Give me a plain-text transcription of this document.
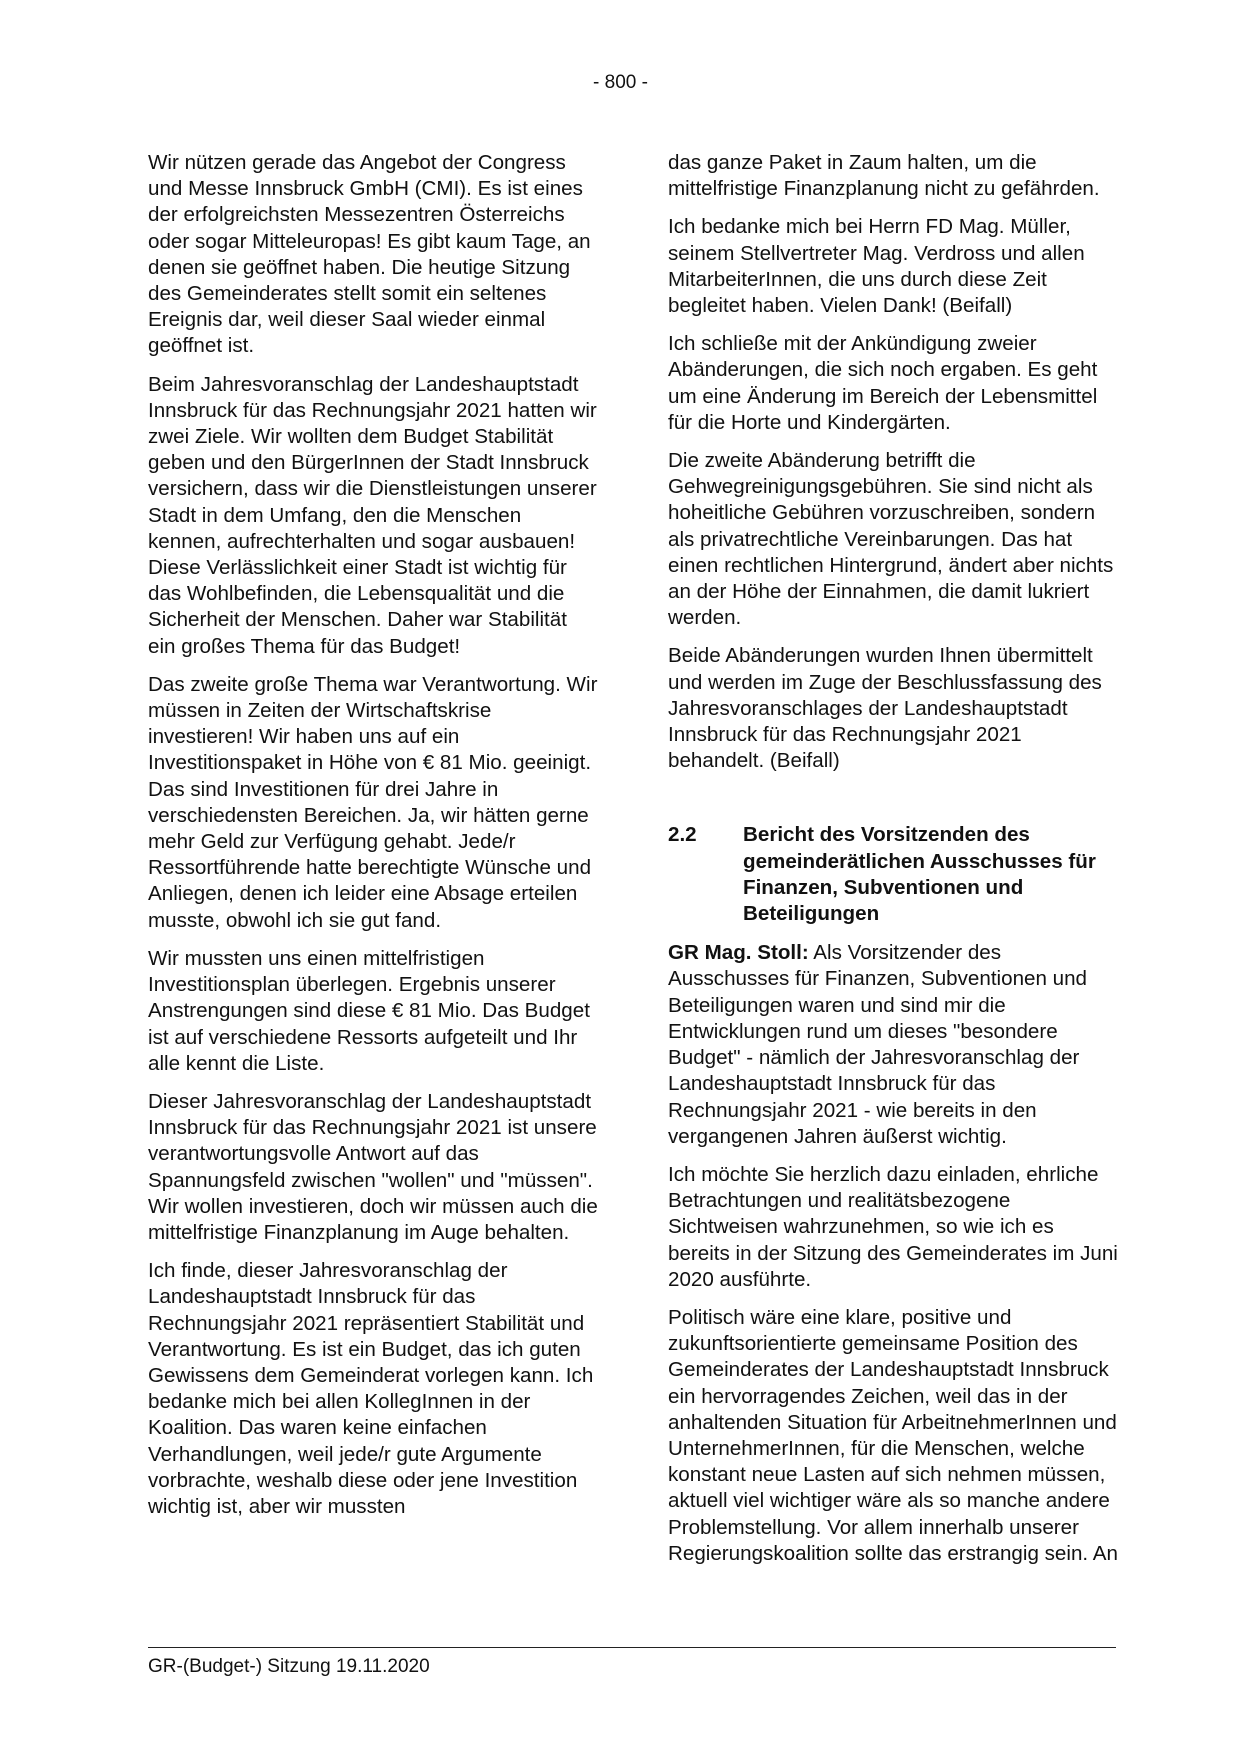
- 800 -

Wir nützen gerade das Angebot der Congress und Messe Innsbruck GmbH (CMI). Es ist eines der erfolgreichsten Messezentren Österreichs oder sogar Mitteleuropas! Es gibt kaum Tage, an denen sie geöffnet haben. Die heutige Sitzung des Gemeinderates stellt somit ein seltenes Ereignis dar, weil dieser Saal wieder einmal geöffnet ist.

Beim Jahresvoranschlag der Landeshauptstadt Innsbruck für das Rechnungsjahr 2021 hatten wir zwei Ziele. Wir wollten dem Budget Stabilität geben und den BürgerInnen der Stadt Innsbruck versichern, dass wir die Dienstleistungen unserer Stadt in dem Umfang, den die Menschen kennen, aufrechterhalten und sogar ausbauen! Diese Verlässlichkeit einer Stadt ist wichtig für das Wohlbefinden, die Lebensqualität und die Sicherheit der Menschen. Daher war Stabilität ein großes Thema für das Budget!

Das zweite große Thema war Verantwortung. Wir müssen in Zeiten der Wirtschaftskrise investieren! Wir haben uns auf ein Investitionspaket in Höhe von € 81 Mio. geeinigt. Das sind Investitionen für drei Jahre in verschiedensten Bereichen. Ja, wir hätten gerne mehr Geld zur Verfügung gehabt. Jede/r Ressortführende hatte berechtigte Wünsche und Anliegen, denen ich leider eine Absage erteilen musste, obwohl ich sie gut fand.

Wir mussten uns einen mittelfristigen Investitionsplan überlegen. Ergebnis unserer Anstrengungen sind diese € 81 Mio. Das Budget ist auf verschiedene Ressorts aufgeteilt und Ihr alle kennt die Liste.

Dieser Jahresvoranschlag der Landeshauptstadt Innsbruck für das Rechnungsjahr 2021 ist unsere verantwortungsvolle Antwort auf das Spannungsfeld zwischen "wollen" und "müssen". Wir wollen investieren, doch wir müssen auch die mittelfristige Finanzplanung im Auge behalten.

Ich finde, dieser Jahresvoranschlag der Landeshauptstadt Innsbruck für das Rechnungsjahr 2021 repräsentiert Stabilität und Verantwortung. Es ist ein Budget, das ich guten Gewissens dem Gemeinderat vorlegen kann. Ich bedanke mich bei allen KollegInnen in der Koalition. Das waren keine einfachen Verhandlungen, weil jede/r gute Argumente vorbrachte, weshalb diese oder jene Investition wichtig ist, aber wir mussten

das ganze Paket in Zaum halten, um die mittelfristige Finanzplanung nicht zu gefährden.

Ich bedanke mich bei Herrn FD Mag. Müller, seinem Stellvertreter Mag. Verdross und allen MitarbeiterInnen, die uns durch diese Zeit begleitet haben. Vielen Dank! (Beifall)

Ich schließe mit der Ankündigung zweier Abänderungen, die sich noch ergaben. Es geht um eine Änderung im Bereich der Lebensmittel für die Horte und Kindergärten.

Die zweite Abänderung betrifft die Gehwegreinigungsgebühren. Sie sind nicht als hoheitliche Gebühren vorzuschreiben, sondern als privatrechtliche Vereinbarungen. Das hat einen rechtlichen Hintergrund, ändert aber nichts an der Höhe der Einnahmen, die damit lukriert werden.

Beide Abänderungen wurden Ihnen übermittelt und werden im Zuge der Beschlussfassung des Jahresvoranschlages der Landeshauptstadt Innsbruck für das Rechnungsjahr 2021 behandelt. (Beifall)

2.2	Bericht des Vorsitzenden des gemeinderätlichen Ausschusses für Finanzen, Subventionen und Beteiligungen

GR Mag. Stoll: Als Vorsitzender des Ausschusses für Finanzen, Subventionen und Beteiligungen waren und sind mir die Entwicklungen rund um dieses "besondere Budget" - nämlich der Jahresvoranschlag der Landeshauptstadt Innsbruck für das Rechnungsjahr 2021 - wie bereits in den vergangenen Jahren äußerst wichtig.

Ich möchte Sie herzlich dazu einladen, ehrliche Betrachtungen und realitätsbezogene Sichtweisen wahrzunehmen, so wie ich es bereits in der Sitzung des Gemeinderates im Juni 2020 ausführte.

Politisch wäre eine klare, positive und zukunftsorientierte gemeinsame Position des Gemeinderates der Landeshauptstadt Innsbruck ein hervorragendes Zeichen, weil das in der anhaltenden Situation für ArbeitnehmerInnen und UnternehmerInnen, für die Menschen, welche konstant neue Lasten auf sich nehmen müssen, aktuell viel wichtiger wäre als so manche andere Problemstellung. Vor allem innerhalb unserer Regierungskoalition sollte das erstrangig sein. An

GR-(Budget-) Sitzung 19.11.2020
